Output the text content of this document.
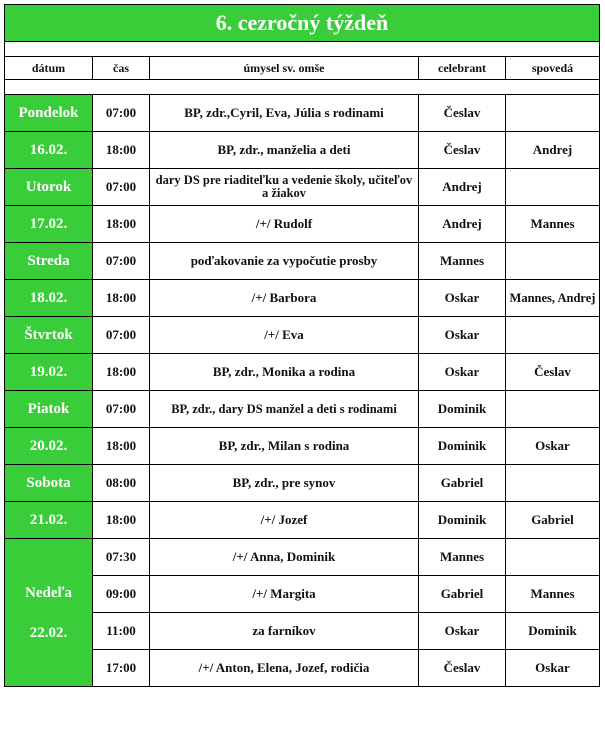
6. cezročný týždeň				

dátum	čas	úmysel sv. omše	celebrant	spovedá

Pondelok	07:00	BP, zdr.,Cyril, Eva, Júlia s rodinami	Česlav	
16.02.	18:00	BP, zdr., manželia a deti	Česlav	Andrej
Utorok	07:00	dary DS pre riaditeľku a vedenie školy, učiteľov a žiakov	Andrej	
17.02.	18:00	/+/ Rudolf	Andrej	Mannes
Streda	07:00	poďakovanie za vypočutie prosby	Mannes	
18.02.	18:00	/+/ Barbora	Oskar	Mannes, Andrej
Štvrtok	07:00	/+/ Eva	Oskar	
19.02.	18:00	BP, zdr., Monika a rodina	Oskar	Česlav
Piatok	07:00	BP, zdr., dary DS manžel a deti s rodinami	Dominik	
20.02.	18:00	BP, zdr., Milan s rodina	Dominik	Oskar
Sobota	08:00	BP, zdr., pre synov	Gabriel	
21.02.	18:00	/+/ Jozef	Dominik	Gabriel

Nedeľa
22.02.	07:30	/+/ Anna, Dominik	Mannes	
	09:00	/+/ Margita	Gabriel	Mannes
	11:00	za farníkov	Oskar	Dominik
	17:00	/+/ Anton, Elena, Jozef, rodičia	Česlav	Oskar
